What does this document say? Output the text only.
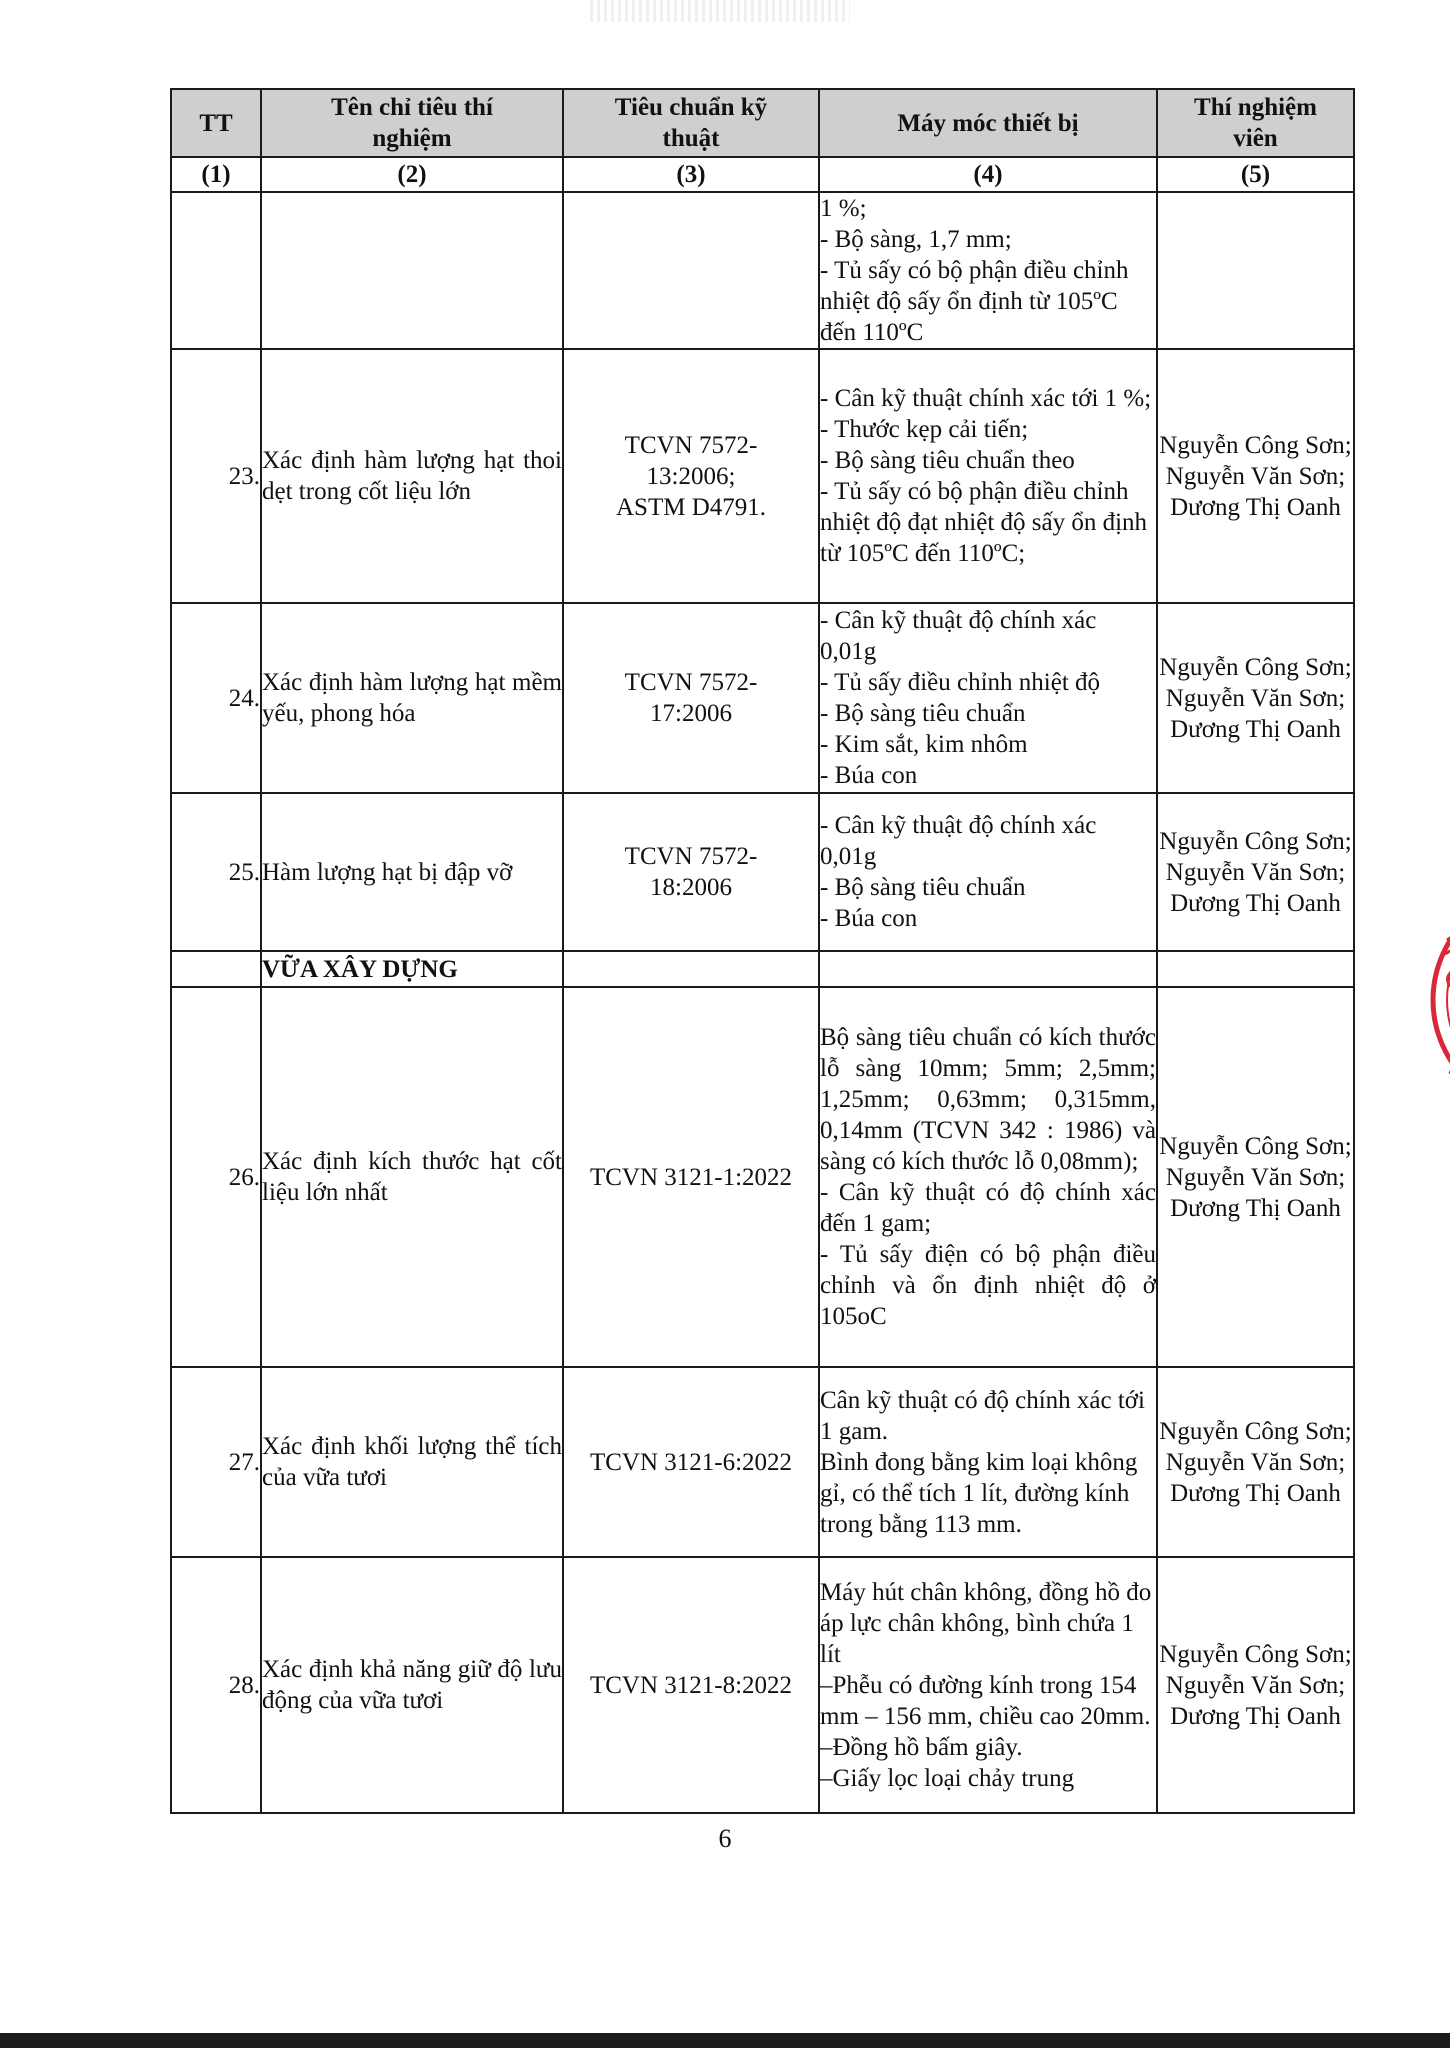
TT	Tên chỉ tiêu thí nghiệm	Tiêu chuẩn kỹ thuật	Máy móc thiết bị	Thí nghiệm viên
(1)	(2)	(3)	(4)	(5)

			1 %;
- Bộ sàng, 1,7 mm;
- Tủ sấy có bộ phận điều chỉnh nhiệt độ sấy ổn định từ 105ºC đến 110ºC	

23.	Xác định hàm lượng hạt thoi dẹt trong cốt liệu lớn	TCVN 7572-
13:2006;
ASTM D4791.	- Cân kỹ thuật chính xác tới 1 %;
- Thước kẹp cải tiến;
- Bộ sàng tiêu chuẩn theo
- Tủ sấy có bộ phận điều chỉnh nhiệt độ đạt nhiệt độ sấy ổn định từ 105ºC đến 110ºC;	Nguyễn Công Sơn; Nguyễn Văn Sơn; Dương Thị Oanh
24.	Xác định hàm lượng hạt mềm yếu, phong hóa	TCVN 7572-
17:2006	- Cân kỹ thuật độ chính xác 0,01g
- Tủ sấy điều chỉnh nhiệt độ
- Bộ sàng tiêu chuẩn
- Kim sắt, kim nhôm
- Búa con	Nguyễn Công Sơn; Nguyễn Văn Sơn; Dương Thị Oanh
25.	Hàm lượng hạt bị đập vỡ	TCVN 7572-
18:2006	- Cân kỹ thuật độ chính xác 0,01g
- Bộ sàng tiêu chuẩn
- Búa con	Nguyễn Công Sơn; Nguyễn Văn Sơn; Dương Thị Oanh
	VỮA XÂY DỰNG			
26.	Xác định kích thước hạt cốt liệu lớn nhất	TCVN 3121-1:2022	Bộ sàng tiêu chuẩn có kích thước lỗ sàng 10mm; 5mm; 2,5mm; 1,25mm; 0,63mm; 0,315mm, 0,14mm (TCVN 342 : 1986) và sàng có kích thước lỗ 0,08mm);
- Cân kỹ thuật có độ chính xác đến 1 gam;
- Tủ sấy điện có bộ phận điều chỉnh và ổn định nhiệt độ ở 105oC	Nguyễn Công Sơn; Nguyễn Văn Sơn; Dương Thị Oanh
27.	Xác định khối lượng thể tích của vữa tươi	TCVN 3121-6:2022	Cân kỹ thuật có độ chính xác tới 1 gam.
Bình đong bằng kim loại không gỉ, có thể tích 1 lít, đường kính trong bằng 113 mm.	Nguyễn Công Sơn; Nguyễn Văn Sơn; Dương Thị Oanh
28.	Xác định khả năng giữ độ lưu động của vữa tươi	TCVN 3121-8:2022	Máy hút chân không, đồng hồ đo áp lực chân không, bình chứa 1 lít
–Phễu có đường kính trong 154 mm – 156 mm, chiều cao 20mm.
–Đồng hồ bấm giây.
–Giấy lọc loại chảy trung	Nguyễn Công Sơn; Nguyễn Văn Sơn; Dương Thị Oanh
6
